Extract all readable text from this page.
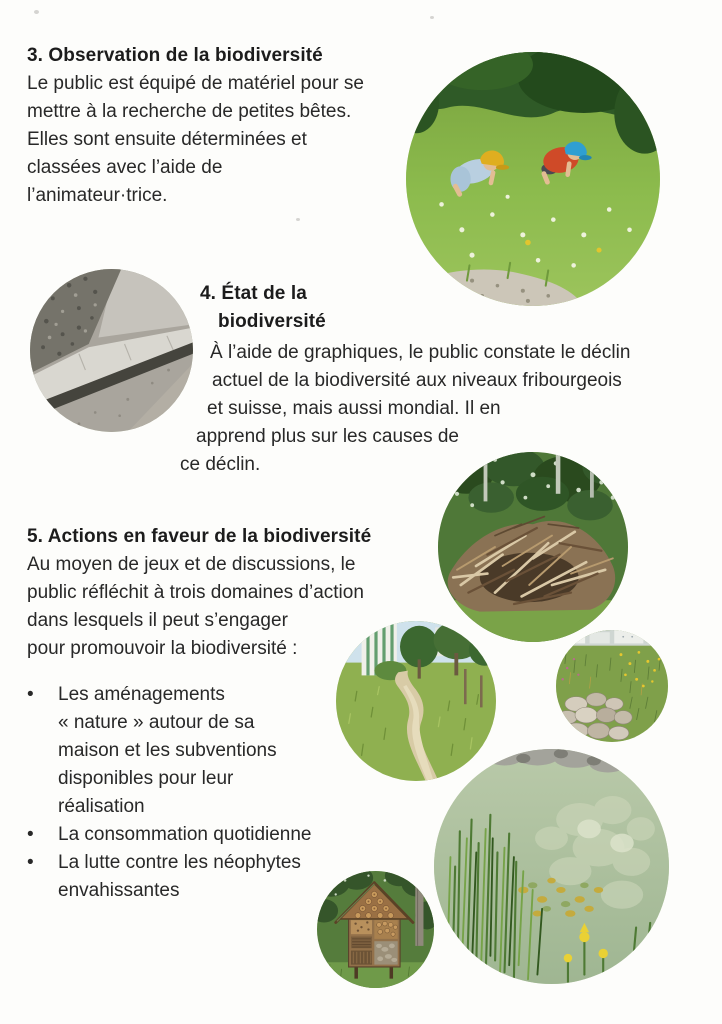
3. Observation de la biodiversité
Le public est équipé de matériel pour se
mettre à la recherche de petites bêtes.
Elles sont ensuite déterminées et
classées avec l’aide de
l’animateur·trice.
4. État de la
biodiversité
À l’aide de graphiques, le public constate le déclin
actuel de la biodiversité aux niveaux fribourgeois
et suisse, mais aussi mondial. Il en
apprend plus sur les causes de
ce déclin.
5. Actions en faveur de la biodiversité
Au moyen de jeux et de discussions, le
public réfléchit à trois domaines d’action
dans lesquels il peut s’engager
pour promouvoir la biodiversité :
•	Les aménagements
« nature » autour de sa
maison et les subventions
disponibles pour leur
réalisation
•	La consommation quotidienne
•	La lutte contre les néophytes
envahissantes
